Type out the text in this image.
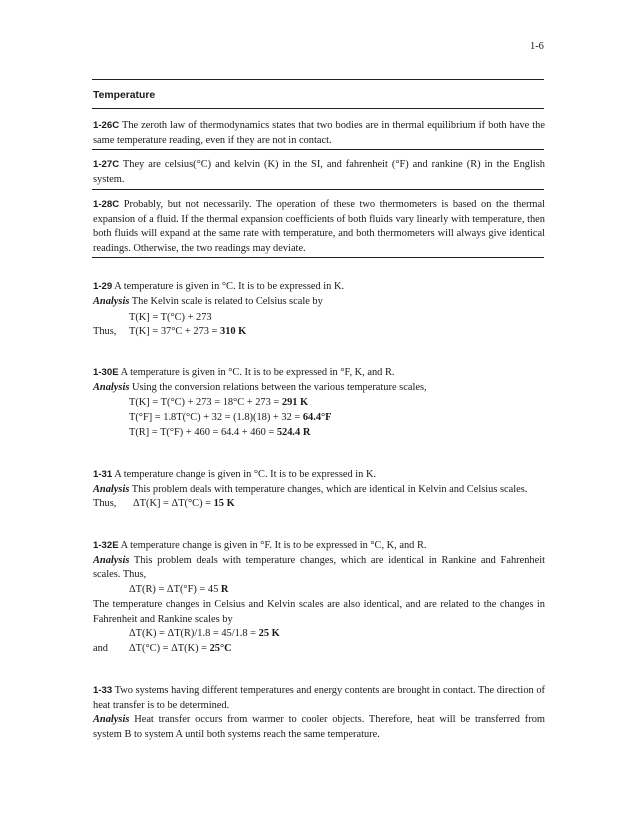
1-6
Temperature
1-26C The zeroth law of thermodynamics states that two bodies are in thermal equilibrium if both have the same temperature reading, even if they are not in contact.
1-27C They are celsius(°C) and kelvin (K) in the SI, and fahrenheit (°F) and rankine (R) in the English system.
1-28C Probably, but not necessarily. The operation of these two thermometers is based on the thermal expansion of a fluid. If the thermal expansion coefficients of both fluids vary linearly with temperature, then both fluids will expand at the same rate with temperature, and both thermometers will always give identical readings. Otherwise, the two readings may deviate.
1-29 A temperature is given in °C. It is to be expressed in K.
Analysis The Kelvin scale is related to Celsius scale by
T(K] = T(°C) + 273
Thus, T(K] = 37°C + 273 = 310 K
1-30E A temperature is given in °C. It is to be expressed in °F, K, and R.
Analysis Using the conversion relations between the various temperature scales,
T(K] = T(°C) + 273 = 18°C + 273 = 291 K
T(°F] = 1.8T(°C) + 32 = (1.8)(18) + 32 = 64.4°F
T(R] = T(°F) + 460 = 64.4 + 460 = 524.4 R
1-31 A temperature change is given in °C. It is to be expressed in K.
Analysis This problem deals with temperature changes, which are identical in Kelvin and Celsius scales.
Thus, ΔT(K] = ΔT(°C) = 15 K
1-32E A temperature change is given in °F. It is to be expressed in °C, K, and R.
Analysis This problem deals with temperature changes, which are identical in Rankine and Fahrenheit scales. Thus,
ΔT(R) = ΔT(°F) = 45 R
The temperature changes in Celsius and Kelvin scales are also identical, and are related to the changes in Fahrenheit and Rankine scales by
ΔT(K) = ΔT(R)/1.8 = 45/1.8 = 25 K
and ΔT(°C) = ΔT(K) = 25°C
1-33 Two systems having different temperatures and energy contents are brought in contact. The direction of heat transfer is to be determined.
Analysis Heat transfer occurs from warmer to cooler objects. Therefore, heat will be transferred from system B to system A until both systems reach the same temperature.
